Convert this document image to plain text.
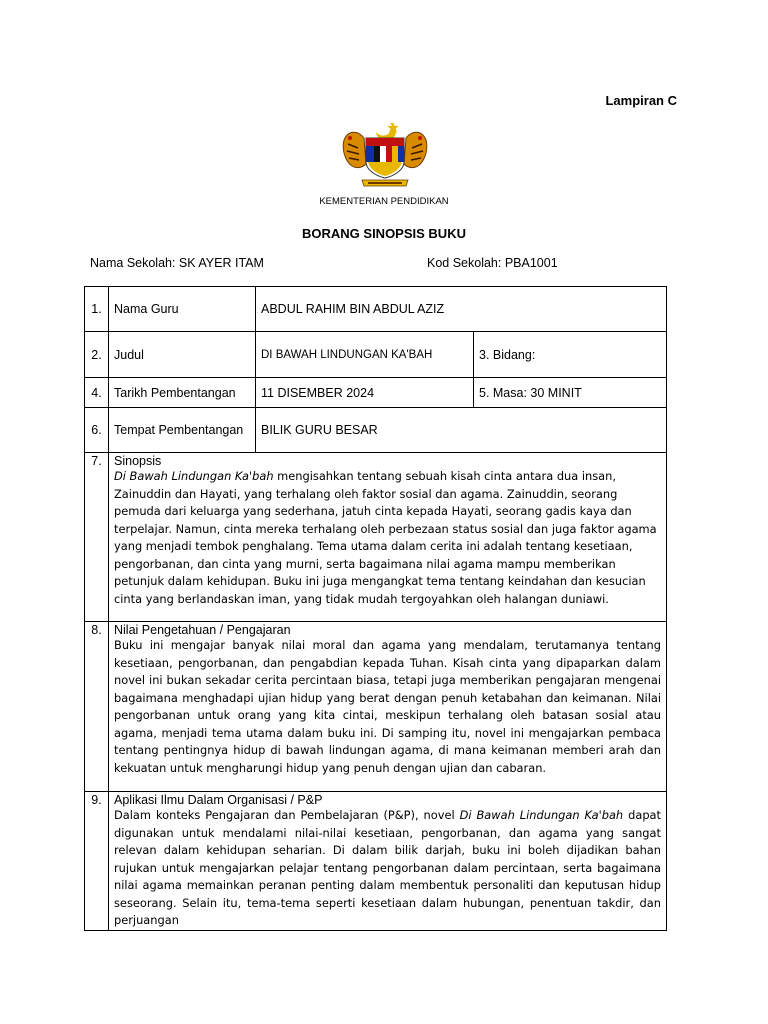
Lampiran C
KEMENTERIAN PENDIDIKAN
BORANG SINOPSIS BUKU
Nama Sekolah: SK AYER ITAM	Kod Sekolah: PBA1001
1.	Nama Guru	ABDUL RAHIM BIN ABDUL AZIZ	
2.	Judul	DI BAWAH LINDUNGAN KA'BAH	3. Bidang:
4.	Tarikh Pembentangan	11 DISEMBER 2024	5. Masa: 30 MINIT
6.	Tempat Pembentangan	BILIK GURU BESAR	
7.	Sinopsis
Di Bawah Lindungan Ka'bah mengisahkan tentang sebuah kisah cinta antara dua insan, Zainuddin dan Hayati, yang terhalang oleh faktor sosial dan agama. Zainuddin, seorang pemuda dari keluarga yang sederhana, jatuh cinta kepada Hayati, seorang gadis kaya dan terpelajar. Namun, cinta mereka terhalang oleh perbezaan status sosial dan juga faktor agama yang menjadi tembok penghalang. Tema utama dalam cerita ini adalah tentang kesetiaan, pengorbanan, dan cinta yang murni, serta bagaimana nilai agama mampu memberikan petunjuk dalam kehidupan. Buku ini juga mengangkat tema tentang keindahan dan kesucian cinta yang berlandaskan iman, yang tidak mudah tergoyahkan oleh halangan duniawi.		

8.	Nilai Pengetahuan / Pengajaran
Buku ini mengajar banyak nilai moral dan agama yang mendalam, terutamanya tentang kesetiaan, pengorbanan, dan pengabdian kepada Tuhan. Kisah cinta yang dipaparkan dalam novel ini bukan sekadar cerita percintaan biasa, tetapi juga memberikan pengajaran mengenai bagaimana menghadapi ujian hidup yang berat dengan penuh ketabahan dan keimanan. Nilai pengorbanan untuk orang yang kita cintai, meskipun terhalang oleh batasan sosial atau agama, menjadi tema utama dalam buku ini. Di samping itu, novel ini mengajarkan pembaca tentang pentingnya hidup di bawah lindungan agama, di mana keimanan memberi arah dan kekuatan untuk mengharungi hidup yang penuh dengan ujian dan cabaran.		

9.	Aplikasi Ilmu Dalam Organisasi / P&P
Dalam konteks Pengajaran dan Pembelajaran (P&P), novel Di Bawah Lindungan Ka'bah dapat digunakan untuk mendalami nilai-nilai kesetiaan, pengorbanan, dan agama yang sangat relevan dalam kehidupan seharian. Di dalam bilik darjah, buku ini boleh dijadikan bahan rujukan untuk mengajarkan pelajar tentang pengorbanan dalam percintaan, serta bagaimana nilai agama memainkan peranan penting dalam membentuk personaliti dan keputusan hidup seseorang. Selain itu, tema-tema seperti kesetiaan dalam hubungan, penentuan takdir, dan perjuangan		
